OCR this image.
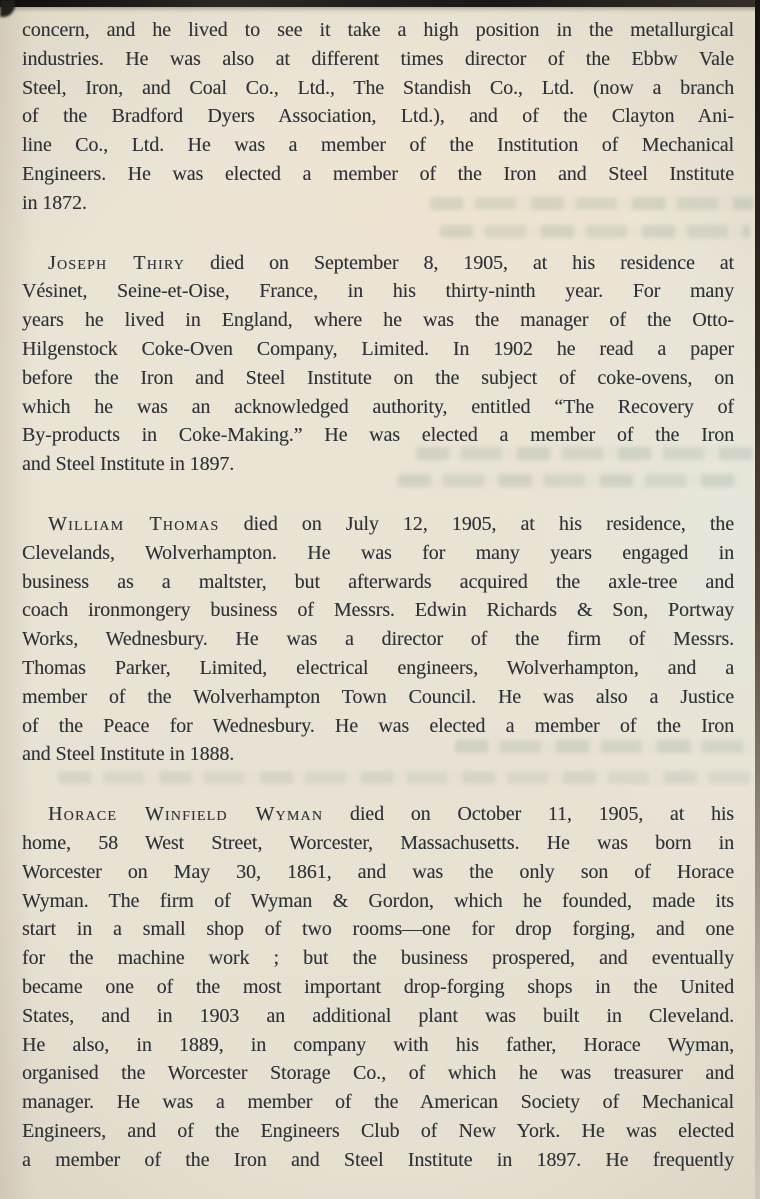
concern, and he lived to see it take a high position in the metallurgical
industries. He was also at different times director of the Ebbw Vale
Steel, Iron, and Coal Co., Ltd., The Standish Co., Ltd. (now a branch
of the Bradford Dyers Association, Ltd.), and of the Clayton Ani-
line Co., Ltd. He was a member of the Institution of Mechanical
Engineers. He was elected a member of the Iron and Steel Institute
in 1872.
Joseph Thiry died on September 8, 1905, at his residence at
Vésinet, Seine-et-Oise, France, in his thirty-ninth year. For many
years he lived in England, where he was the manager of the Otto-
Hilgenstock Coke-Oven Company, Limited. In 1902 he read a paper
before the Iron and Steel Institute on the subject of coke-ovens, on
which he was an acknowledged authority, entitled “The Recovery of
By-products in Coke-Making.” He was elected a member of the Iron
and Steel Institute in 1897.
William Thomas died on July 12, 1905, at his residence, the
Clevelands, Wolverhampton. He was for many years engaged in
business as a maltster, but afterwards acquired the axle-tree and
coach ironmongery business of Messrs. Edwin Richards & Son, Portway
Works, Wednesbury. He was a director of the firm of Messrs.
Thomas Parker, Limited, electrical engineers, Wolverhampton, and a
member of the Wolverhampton Town Council. He was also a Justice
of the Peace for Wednesbury. He was elected a member of the Iron
and Steel Institute in 1888.
Horace Winfield Wyman died on October 11, 1905, at his
home, 58 West Street, Worcester, Massachusetts. He was born in
Worcester on May 30, 1861, and was the only son of Horace
Wyman. The firm of Wyman & Gordon, which he founded, made its
start in a small shop of two rooms—one for drop forging, and one
for the machine work ; but the business prospered, and eventually
became one of the most important drop-forging shops in the United
States, and in 1903 an additional plant was built in Cleveland.
He also, in 1889, in company with his father, Horace Wyman,
organised the Worcester Storage Co., of which he was treasurer and
manager. He was a member of the American Society of Mechanical
Engineers, and of the Engineers Club of New York. He was elected
a member of the Iron and Steel Institute in 1897. He frequently
